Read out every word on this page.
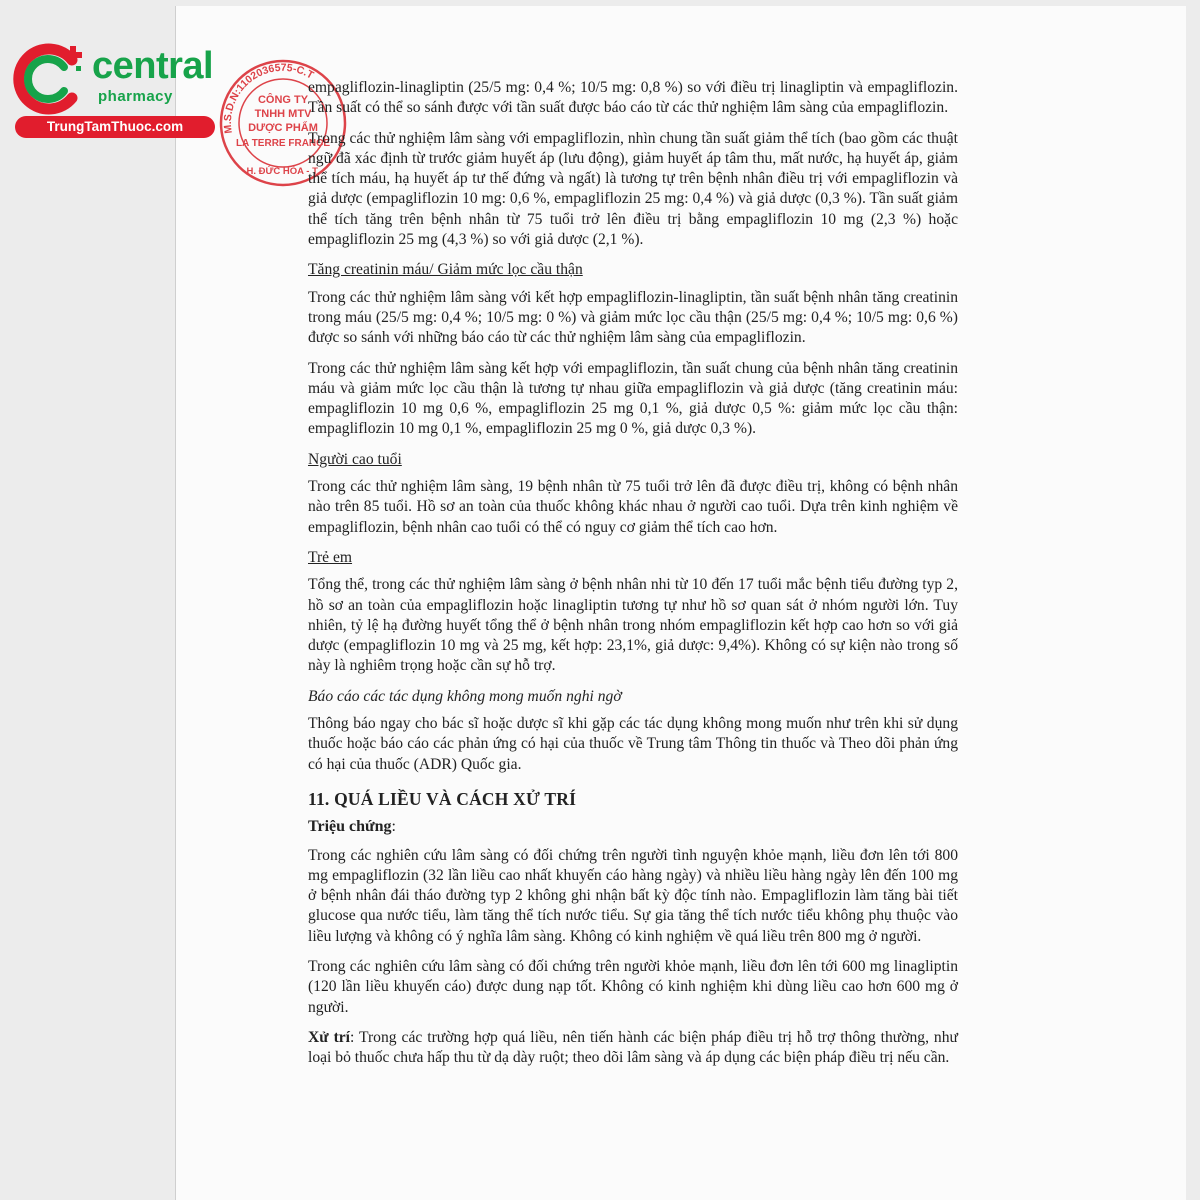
central
pharmacy
TrungTamThuoc.com	M.S.D.N:1102036575-C.T
CÔNG TY
TNHH MTV
DƯỢC PHẨM
LA TERRE FRANCE
H. ĐỨC HÒA - T.

empagliflozin-linagliptin (25/5 mg: 0,4 %; 10/5 mg: 0,8 %) so với điều trị linagliptin và empagliflozin. Tần suất có thể so sánh được với tần suất được báo cáo từ các thử nghiệm lâm sàng của empagliflozin.

Trong các thử nghiệm lâm sàng với empagliflozin, nhìn chung tần suất giảm thể tích (bao gồm các thuật ngữ đã xác định từ trước giảm huyết áp (lưu động), giảm huyết áp tâm thu, mất nước, hạ huyết áp, giảm thể tích máu, hạ huyết áp tư thế đứng và ngất) là tương tự trên bệnh nhân điều trị với empagliflozin và giả dược (empagliflozin 10 mg: 0,6 %, empagliflozin 25 mg: 0,4 %) và giả dược (0,3 %). Tần suất giảm thể tích tăng trên bệnh nhân từ 75 tuổi trở lên điều trị bằng empagliflozin 10 mg (2,3 %) hoặc empagliflozin 25 mg (4,3 %) so với giả dược (2,1 %).

Tăng creatinin máu/ Giảm mức lọc cầu thận

Trong các thử nghiệm lâm sàng với kết hợp empagliflozin-linagliptin, tần suất bệnh nhân tăng creatinin trong máu (25/5 mg: 0,4 %; 10/5 mg: 0 %) và giảm mức lọc cầu thận (25/5 mg: 0,4 %; 10/5 mg: 0,6 %) được so sánh với những báo cáo từ các thử nghiệm lâm sàng của empagliflozin.

Trong các thử nghiệm lâm sàng kết hợp với empagliflozin, tần suất chung của bệnh nhân tăng creatinin máu và giảm mức lọc cầu thận là tương tự nhau giữa empagliflozin và giả dược (tăng creatinin máu: empagliflozin 10 mg 0,6 %, empagliflozin 25 mg 0,1 %, giả dược 0,5 %: giảm mức lọc cầu thận: empagliflozin 10 mg 0,1 %, empagliflozin 25 mg 0 %, giả dược 0,3 %).

Người cao tuổi

Trong các thử nghiệm lâm sàng, 19 bệnh nhân từ 75 tuổi trở lên đã được điều trị, không có bệnh nhân nào trên 85 tuổi. Hồ sơ an toàn của thuốc không khác nhau ở người cao tuổi. Dựa trên kinh nghiệm về empagliflozin, bệnh nhân cao tuổi có thể có nguy cơ giảm thể tích cao hơn.

Trẻ em

Tổng thể, trong các thử nghiệm lâm sàng ở bệnh nhân nhi từ 10 đến 17 tuổi mắc bệnh tiểu đường typ 2, hồ sơ an toàn của empagliflozin hoặc linagliptin tương tự như hồ sơ quan sát ở nhóm người lớn. Tuy nhiên, tỷ lệ hạ đường huyết tổng thể ở bệnh nhân trong nhóm empagliflozin kết hợp cao hơn so với giả dược (empagliflozin 10 mg và 25 mg, kết hợp: 23,1%, giả dược: 9,4%). Không có sự kiện nào trong số này là nghiêm trọng hoặc cần sự hỗ trợ.

Báo cáo các tác dụng không mong muốn nghi ngờ

Thông báo ngay cho bác sĩ hoặc dược sĩ khi gặp các tác dụng không mong muốn như trên khi sử dụng thuốc hoặc báo cáo các phản ứng có hại của thuốc về Trung tâm Thông tin thuốc và Theo dõi phản ứng có hại của thuốc (ADR) Quốc gia.

11. QUÁ LIỀU VÀ CÁCH XỬ TRÍ
Triệu chứng:

Trong các nghiên cứu lâm sàng có đối chứng trên người tình nguyện khỏe mạnh, liều đơn lên tới 800 mg empagliflozin (32 lần liều cao nhất khuyến cáo hàng ngày) và nhiều liều hàng ngày lên đến 100 mg ở bệnh nhân đái tháo đường typ 2 không ghi nhận bất kỳ độc tính nào. Empagliflozin làm tăng bài tiết glucose qua nước tiểu, làm tăng thể tích nước tiểu. Sự gia tăng thể tích nước tiểu không phụ thuộc vào liều lượng và không có ý nghĩa lâm sàng. Không có kinh nghiệm về quá liều trên 800 mg ở người.

Trong các nghiên cứu lâm sàng có đối chứng trên người khỏe mạnh, liều đơn lên tới 600 mg linagliptin (120 lần liều khuyến cáo) được dung nạp tốt. Không có kinh nghiệm khi dùng liều cao hơn 600 mg ở người.

Xử trí: Trong các trường hợp quá liều, nên tiến hành các biện pháp điều trị hỗ trợ thông thường, như loại bỏ thuốc chưa hấp thu từ dạ dày ruột; theo dõi lâm sàng và áp dụng các biện pháp điều trị nếu cần.
